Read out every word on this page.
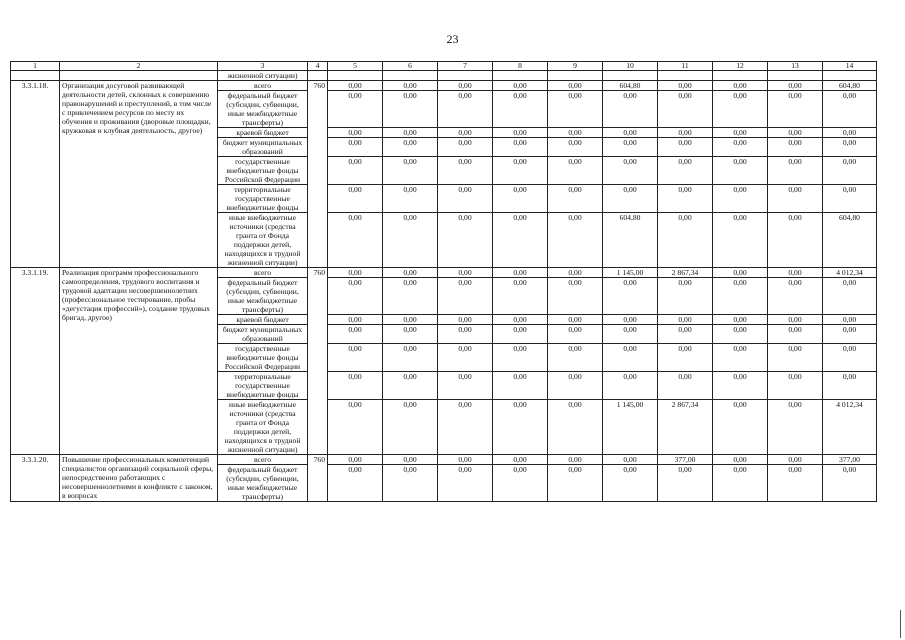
23
1	2	3	4	5	6	7	8	9	10	11	12	13	14
		жизненной ситуации)											
3.3.1.18.	Организация досуговой развивающей деятельности детей, склонных к совершению правонарушений и преступлений, в том числе с привлечением ресурсов по месту их обучения и проживания (дворовые площадки, кружковая и клубная деятельность, другое)	всего	760	0,00	0,00	0,00	0,00	0,00	604,80	0,00	0,00	0,00	604,80
		федеральный бюджет (субсидии, субвенции, иные межбюджетные трансферты)		0,00	0,00	0,00	0,00	0,00	0,00	0,00	0,00	0,00	0,00
		краевой бюджет		0,00	0,00	0,00	0,00	0,00	0,00	0,00	0,00	0,00	0,00
		бюджет муниципальных образований		0,00	0,00	0,00	0,00	0,00	0,00	0,00	0,00	0,00	0,00
		государственные внебюджетные фонды Российской Федерации		0,00	0,00	0,00	0,00	0,00	0,00	0,00	0,00	0,00	0,00
		территориальные государственные внебюджетные фонды		0,00	0,00	0,00	0,00	0,00	0,00	0,00	0,00	0,00	0,00
		иные внебюджетные источники (средства гранта от Фонда поддержки детей, находящихся в трудной жизненной ситуации)		0,00	0,00	0,00	0,00	0,00	604,80	0,00	0,00	0,00	604,80
3.3.1.19.	Реализация программ профессионального самоопределения, трудового воспитания и трудовой адаптации несовершеннолетних (профессиональное тестирование, пробы «дегустация профессий»), создание трудовых бригад, другое)	всего	760	0,00	0,00	0,00	0,00	0,00	1 145,00	2 867,34	0,00	0,00	4 012,34
		федеральный бюджет (субсидии, субвенции, иные межбюджетные трансферты)		0,00	0,00	0,00	0,00	0,00	0,00	0,00	0,00	0,00	0,00
		краевой бюджет		0,00	0,00	0,00	0,00	0,00	0,00	0,00	0,00	0,00	0,00
		бюджет муниципальных образований		0,00	0,00	0,00	0,00	0,00	0,00	0,00	0,00	0,00	0,00
		государственные внебюджетные фонды Российской Федерации		0,00	0,00	0,00	0,00	0,00	0,00	0,00	0,00	0,00	0,00
		территориальные государственные внебюджетные фонды		0,00	0,00	0,00	0,00	0,00	0,00	0,00	0,00	0,00	0,00
		иные внебюджетные источники (средства гранта от Фонда поддержки детей, находящихся в трудной жизненной ситуации)		0,00	0,00	0,00	0,00	0,00	1 145,00	2 867,34	0,00	0,00	4 012,34
3.3.1.20.	Повышение профессиональных компетенций специалистов организаций социальной сферы, непосредственно работающих с несовершеннолетними в конфликте с законом, в вопросах	всего	760	0,00	0,00	0,00	0,00	0,00	0,00	377,00	0,00	0,00	377,00
		федеральный бюджет (субсидии, субвенции, иные межбюджетные трансферты)		0,00	0,00	0,00	0,00	0,00	0,00	0,00	0,00	0,00	0,00
